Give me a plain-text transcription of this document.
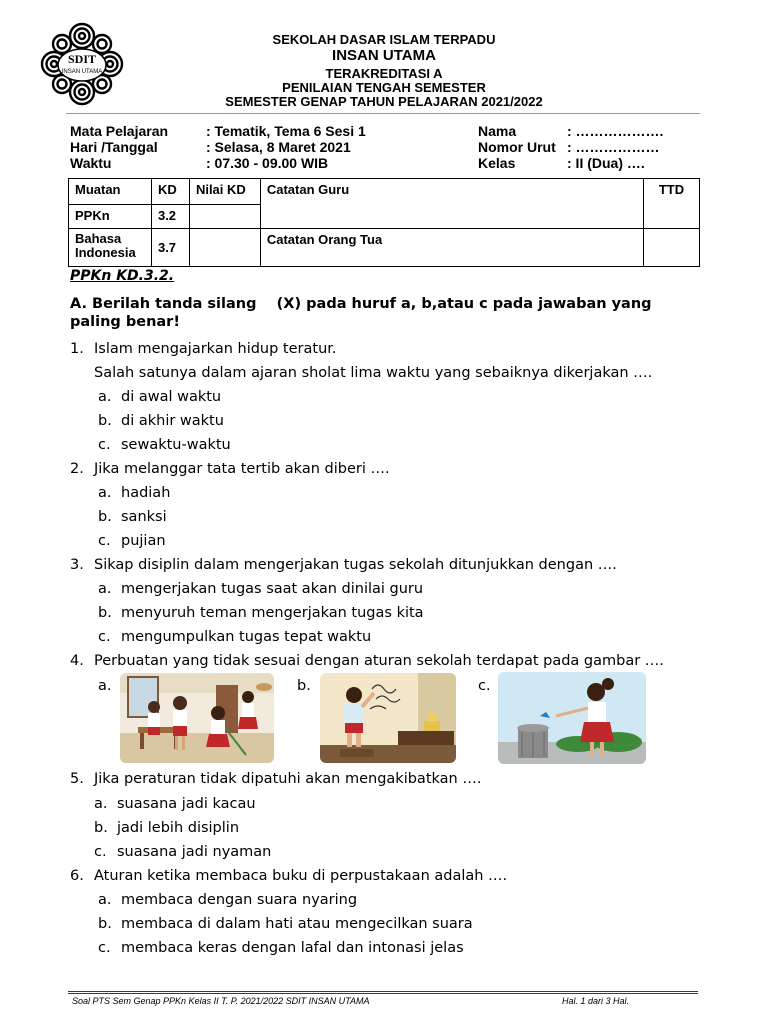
SDIT
INSAN UTAMA
SEKOLAH DASAR ISLAM TERPADU
INSAN UTAMA
TERAKREDITASI A
PENILAIAN TENGAH SEMESTER
SEMESTER GENAP TAHUN PELAJARAN 2021/2022
Mata Pelajaran	: Tematik, Tema 6 Sesi 1
Hari /Tanggal	: Selasa, 8 Maret 2021
Waktu	: 07.30 - 09.00 WIB
Nama	: ……………….
Nomor Urut : ………………
Kelas	: II (Dua) ….
Muatan	KD	Nilai KD	Catatan Guru	TTD
PPKn	3.2			
Bahasa Indonesia	3.7		Catatan Orang Tua	
PPKn KD.3.2.
A. Berilah tanda silang    (X) pada huruf a, b,atau c pada jawaban yang
paling benar!
1. Islam mengajarkan hidup teratur.
Salah satunya dalam ajaran sholat lima waktu yang sebaiknya dikerjakan ….
a. di awal waktu
b. di akhir waktu
c. sewaktu-waktu
2. Jika melanggar tata tertib akan diberi ….
a. hadiah
b. sanksi
c. pujian
3. Sikap disiplin dalam mengerjakan tugas sekolah ditunjukkan dengan ….
a. mengerjakan tugas saat akan dinilai guru
b. menyuruh teman mengerjakan tugas kita
c. mengumpulkan tugas tepat waktu
4. Perbuatan yang tidak sesuai dengan aturan sekolah terdapat pada gambar ….
a.	b.	c.
5. Jika peraturan tidak dipatuhi akan mengakibatkan ….
a. suasana jadi kacau
b. jadi lebih disiplin
c. suasana jadi nyaman
6. Aturan ketika membaca buku di perpustakaan adalah ….
a. membaca dengan suara nyaring
b. membaca di dalam hati atau mengecilkan suara
c. membaca keras dengan lafal dan intonasi jelas
Soal PTS Sem Genap PPKn Kelas II T. P. 2021/2022 SDIT INSAN UTAMA	Hal. 1 dari 3 Hal.
